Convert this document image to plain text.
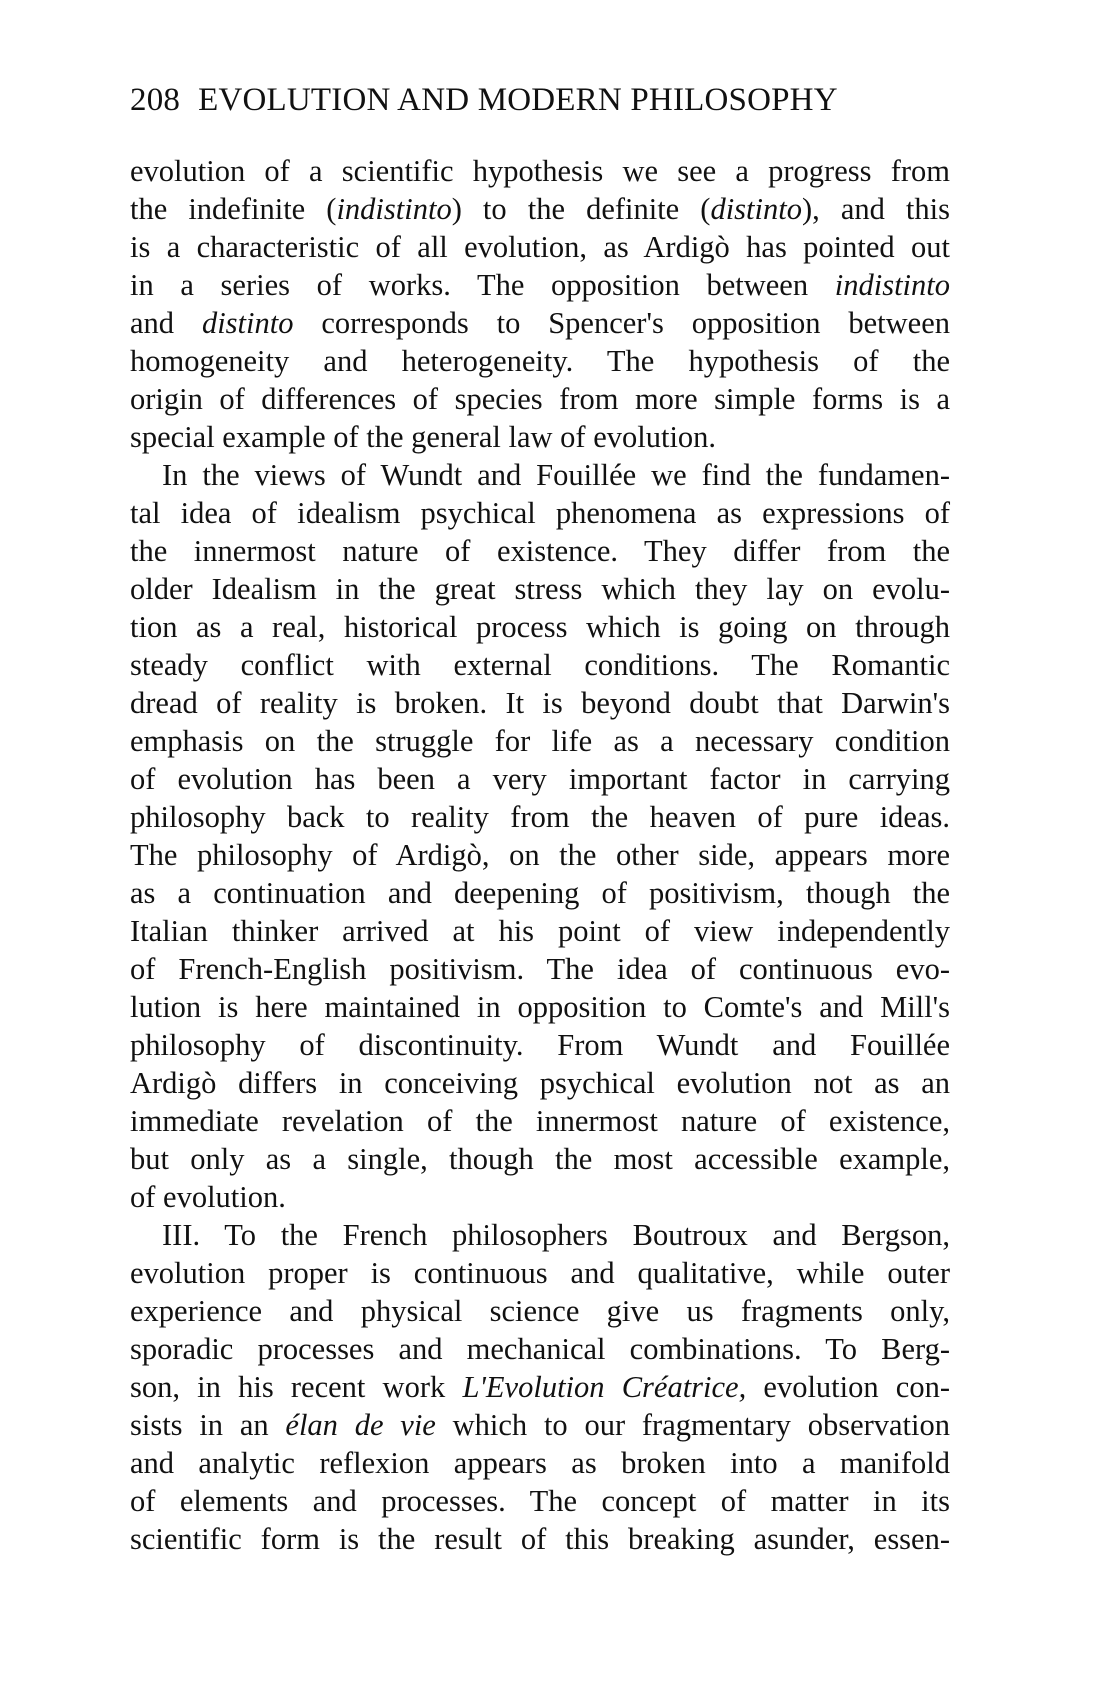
208 EVOLUTION AND MODERN PHILOSOPHY
evolution of a scientific hypothesis we see a progress from
the indefinite (indistinto) to the definite (distinto), and this
is a characteristic of all evolution, as Ardigò has pointed out
in a series of works. The opposition between indistinto
and distinto corresponds to Spencer's opposition between
homogeneity and heterogeneity. The hypothesis of the
origin of differences of species from more simple forms is a
special example of the general law of evolution.
In the views of Wundt and Fouillée we find the fundamen-
tal idea of idealism psychical phenomena as expressions of
the innermost nature of existence. They differ from the
older Idealism in the great stress which they lay on evolu-
tion as a real, historical process which is going on through
steady conflict with external conditions. The Romantic
dread of reality is broken. It is beyond doubt that Darwin's
emphasis on the struggle for life as a necessary condition
of evolution has been a very important factor in carrying
philosophy back to reality from the heaven of pure ideas.
The philosophy of Ardigò, on the other side, appears more
as a continuation and deepening of positivism, though the
Italian thinker arrived at his point of view independently
of French-English positivism. The idea of continuous evo-
lution is here maintained in opposition to Comte's and Mill's
philosophy of discontinuity. From Wundt and Fouillée
Ardigò differs in conceiving psychical evolution not as an
immediate revelation of the innermost nature of existence,
but only as a single, though the most accessible example,
of evolution.
III. To the French philosophers Boutroux and Bergson,
evolution proper is continuous and qualitative, while outer
experience and physical science give us fragments only,
sporadic processes and mechanical combinations. To Berg-
son, in his recent work L'Evolution Créatrice, evolution con-
sists in an élan de vie which to our fragmentary observation
and analytic reflexion appears as broken into a manifold
of elements and processes. The concept of matter in its
scientific form is the result of this breaking asunder, essen-
